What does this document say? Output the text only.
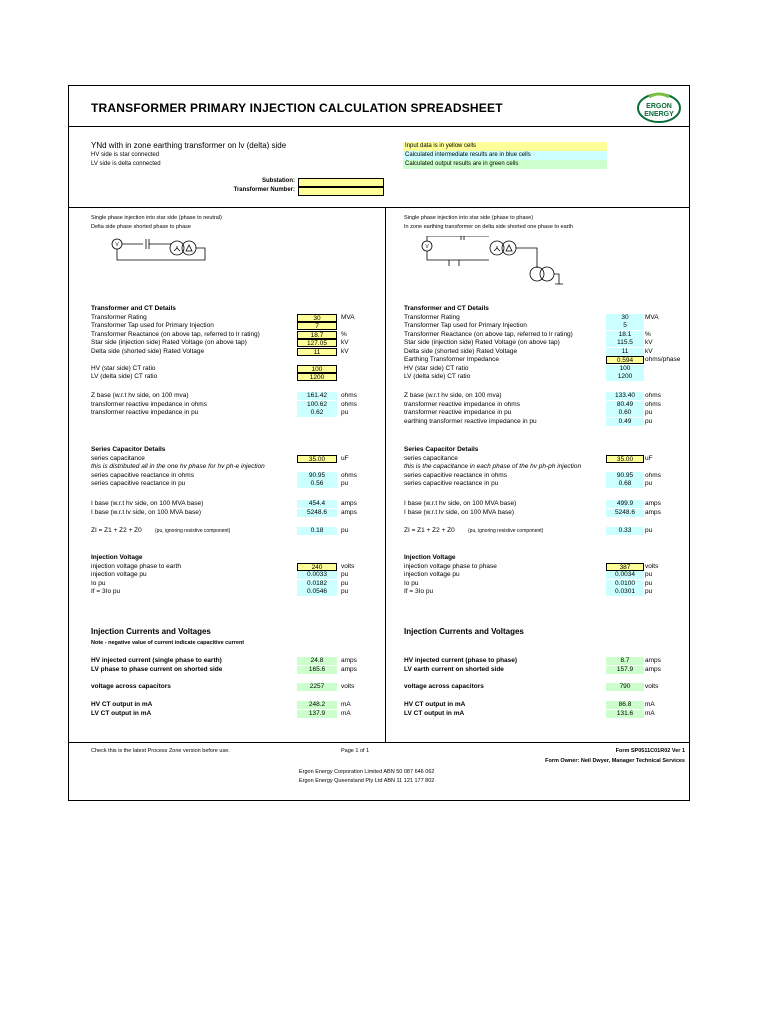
TRANSFORMER PRIMARY INJECTION CALCULATION SPREADSHEET	ERGON
ENERGY
YNd with in zone earthing transformer on lv (delta) side
HV side is star connected
LV side is delta connected
Input data is in yellow cells
Calculated intermediate results are in blue cells
Calculated output results are in green cells
Substation:
Transformer Number:
Single phase injection into star side (phase to neutral)
Delta side phase shorted phase to phase
V
Transformer and CT Details
Transformer Rating	30	MVA
Transformer Tap used for Primary Injection	7
Transformer Reactance (on above tap, referred to lr rating)	18.7	%
Star side (injection side) Rated Voltage (on above tap)	127.05	kV
Delta side (shorted side) Rated Voltage	11	kV
HV (star side) CT ratio	100
LV (delta side) CT ratio	1200
Z base (w.r.t hv side, on 100 mva)	161.42	ohms
transformer reactive impedance in ohms	100.62	ohms
transformer reactive impedance in pu	0.62	pu
Series Capacitor Details
series capacitance	35.00	uF
this is distributed all in the one hv phase for hv ph-e injection
series capacitive reactance in ohms	90.95	ohms
series capacitive reactance in pu	0.56	pu
I base (w.r.t hv side, on 100 MVA base)	454.4	amps
I base (w.r.t lv side, on 100 MVA base)	5248.6	amps
ZI = Z1 + Z2 + Z0	(pu, ignoring resistive component)	0.18	pu
Injection Voltage
injection voltage phase to earth	240	volts
injection voltage pu	0.0033	pu
Io pu	0.0182	pu
If = 3Io pu	0.0546	pu
Injection Currents and Voltages
Note - negative value of current indicate capacitive current
HV injected current (single phase to earth)	24.8	amps
LV phase to phase current on shorted side	165.6	amps
voltage across capacitors	2257	volts
HV CT output in mA	248.2	mA
LV CT output in mA	137.9	mA
Single phase injection into star side (phase to phase)
In zone earthing transformer on delta side shorted one phase to earth
V
Transformer and CT Details
Transformer Rating	30	MVA
Transformer Tap used for Primary Injection	5
Transformer Reactance (on above tap, referred to lr rating)	18.1	%
Star side (injection side) Rated Voltage (on above tap)	115.5	kV
Delta side (shorted side) Rated Voltage	11	kV
Earthing Transformer Impedance	0.594	ohms/phase
HV (star side) CT ratio	100
LV (delta side) CT ratio	1200
Z base (w.r.t hv side, on 100 mva)	133.40	ohms
transformer reactive impedance in ohms	80.49	ohms
transformer reactive impedance in pu	0.60	pu
earthing transformer reactive impedance in pu	0.49	pu
Series Capacitor Details
series capacitance	35.00	uF
this is the capacitance in each phase of the hv ph-ph injection
series capacitive reactance in ohms	90.95	ohms
series capacitive reactance in pu	0.68	pu
I base (w.r.t hv side, on 100 MVA base)	499.9	amps
I base (w.r.t lv side, on 100 MVA base)	5248.6	amps
ZI = Z1 + Z2 + Z0	(pu, ignoring resistive component)	0.33	pu
Injection Voltage
injection voltage phase to phase	387	volts
injection voltage pu	0.0034	pu
Io pu	0.0100	pu
If = 3Io pu	0.0301	pu
Injection Currents and Voltages
HV injected current (phase to phase)	8.7	amps
LV earth current on shorted side	157.9	amps
voltage across capacitors	790	volts
HV CT output in mA	86.8	mA
LV CT output in mA	131.6	mA
Check this is the latest Process Zone version before use.	Page 1 of 1	Form SP0511C01R02 Ver 1
Form Owner: Neil Dwyer, Manager Technical Services
Ergon Energy Corporation Limited ABN 50 087 646 062
Ergon Energy Queensland Pty Ltd ABN 11 121 177 802
